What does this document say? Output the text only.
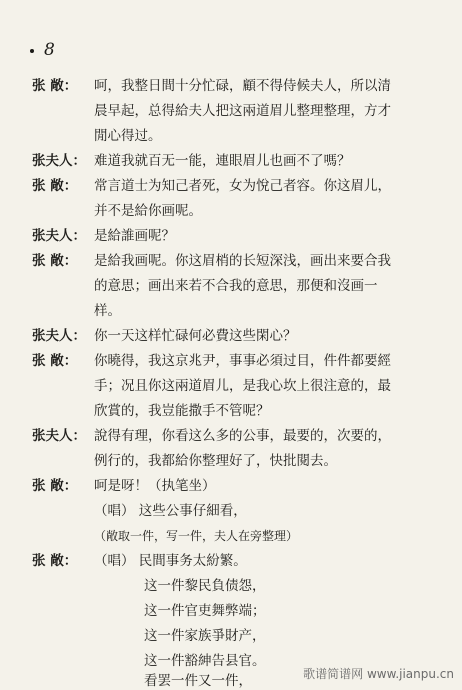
8
张 敞：	呵，我整日間十分忙碌，顧不得侍候夫人，所以清
晨早起，总得給夫人把这兩道眉儿整理整理，方才
閒心得过。
张夫人： 难道我就百无一能，連眼眉儿也画不了嗎？
张 敞：	常言道士为知己者死，女为悅己者容。你这眉儿，
并不是給你画呢。
张夫人： 是給誰画呢？
张 敞：	是給我画呢。你这眉梢的长短深浅，画出来要合我
的意思；画出来若不合我的意思，那便和沒画一
样。
张夫人： 你一天这样忙碌何必費这些閑心？
张 敞：	你曉得，我这京兆尹，事事必須过目，件件都要經
手；况且你这兩道眉儿，是我心坎上很注意的，最
欣賞的，我豈能撒手不管呢？
张夫人： 說得有理，你看这么多的公事，最要的，次要的，
例行的，我都給你整理好了，快批閱去。
张 敞：	呵是呀！（执笔坐）
（唱） 这些公事仔細看，
（敞取一件，写一件，夫人在旁整理）
张 敞：	（唱） 民間事务太紛繁。
这一件黎民負债怨，
这一件官吏舞弊端；
这一件家族爭財产，
这一件豁紳告县官。
看罢一件又一件，	歌谱简谱网 www.jianpu.cn
